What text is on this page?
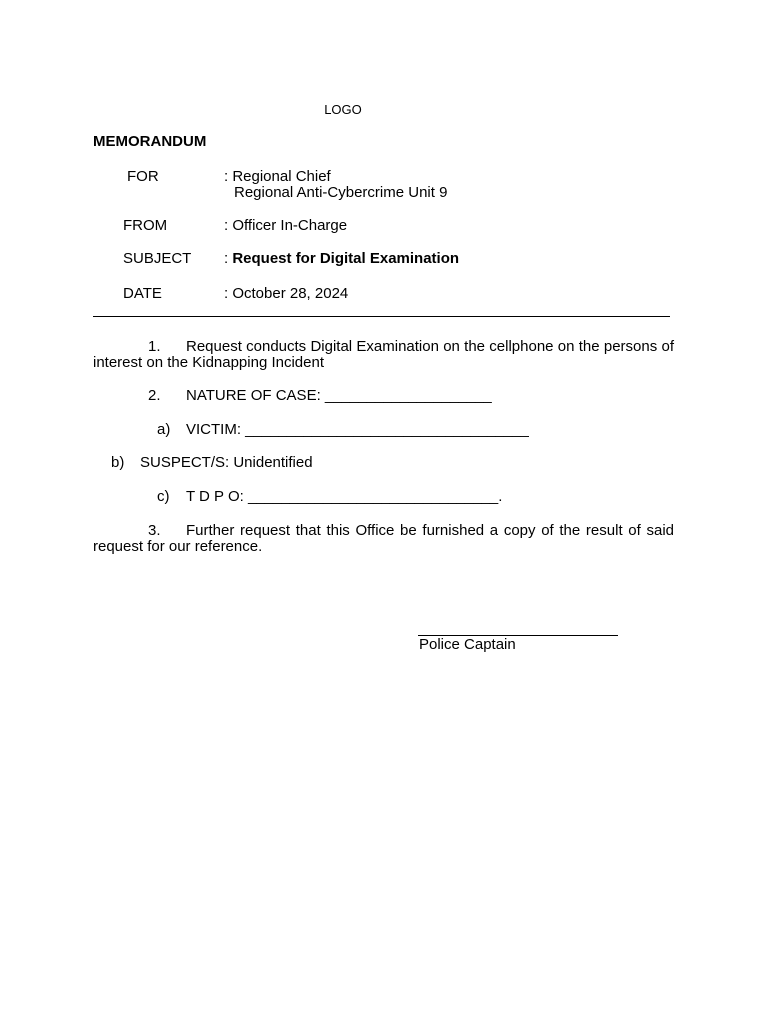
LOGO
MEMORANDUM
FOR	: Regional Chief
Regional Anti-Cybercrime Unit 9
FROM	: Officer In-Charge
SUBJECT : Request for Digital Examination
DATE	: October 28, 2024
1. Request conducts Digital Examination on the cellphone on the persons of interest on the Kidnapping Incident
2. NATURE OF CASE: ____________________
a) VICTIM: __________________________________
b) SUSPECT/S: Unidentified
c) T D P O: ______________________________.
3. Further request that this Office be furnished a copy of the result of said request for our reference.
Police Captain
